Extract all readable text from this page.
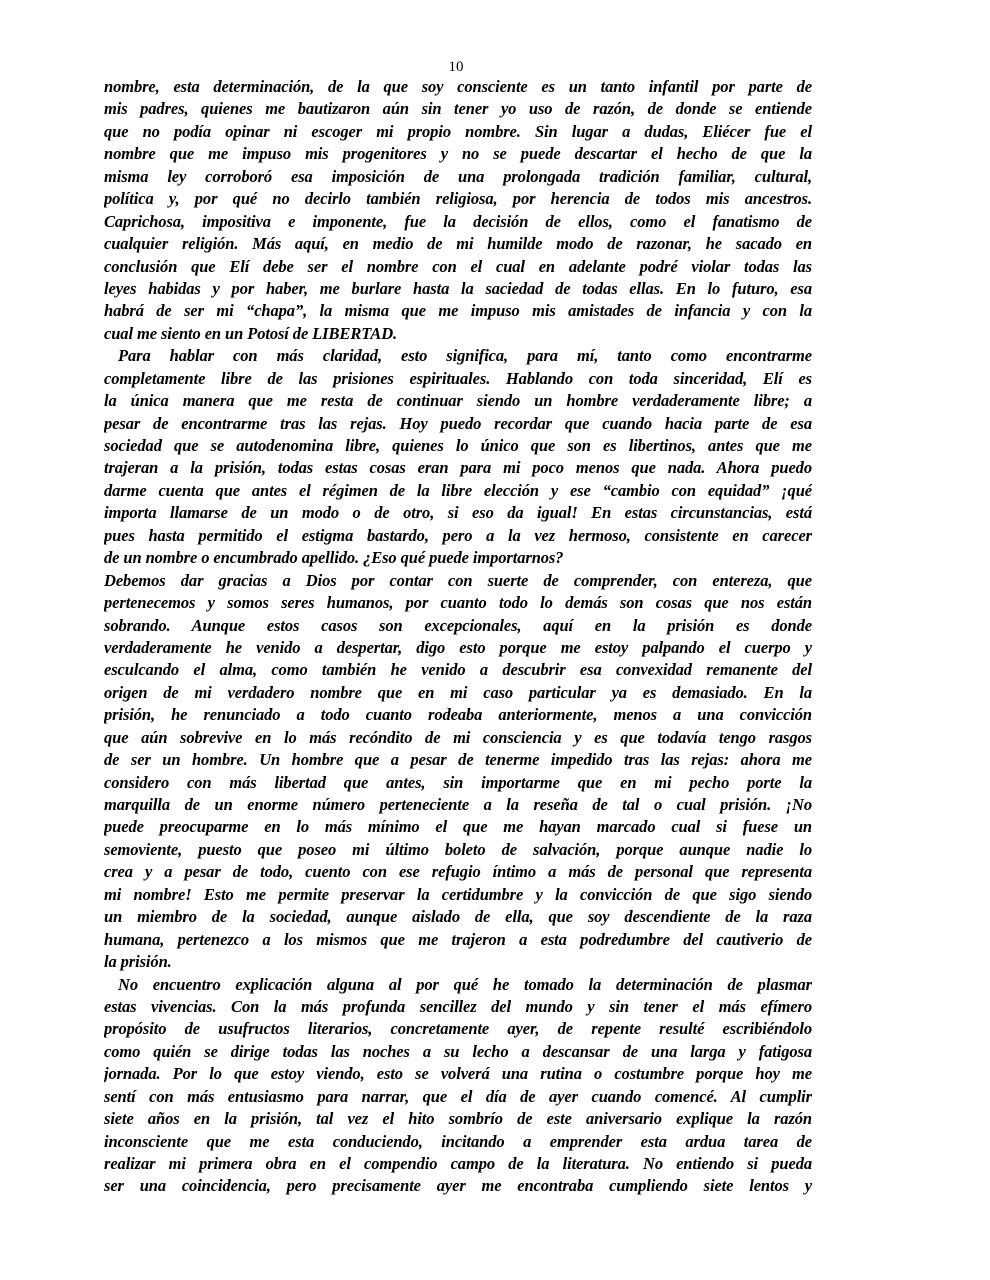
10
nombre, esta determinación, de la que soy consciente es un tanto infantil por parte de
mis padres, quienes me bautizaron aún sin tener yo uso de razón, de donde se entiende
que no podía opinar ni escoger mi propio nombre. Sin lugar a dudas, Eliécer fue el
nombre que me impuso mis progenitores y no se puede descartar el hecho de que la
misma ley corroboró esa imposición de una prolongada tradición familiar, cultural,
política y, por qué no decirlo también religiosa, por herencia de todos mis ancestros.
Caprichosa, impositiva e imponente, fue la decisión de ellos, como el fanatismo de
cualquier religión. Más aquí, en medio de mi humilde modo de razonar, he sacado en
conclusión que Elí debe ser el nombre con el cual en adelante podré violar todas las
leyes habidas y por haber, me burlare hasta la saciedad de todas ellas. En lo futuro, esa
habrá de ser mi “chapa”, la misma que me impuso mis amistades de infancia y con la
cual me siento en un Potosí de LIBERTAD.
Para hablar con más claridad, esto significa, para mí, tanto como encontrarme
completamente libre de las prisiones espirituales. Hablando con toda sinceridad, Elí es
la única manera que me resta de continuar siendo un hombre verdaderamente libre; a
pesar de encontrarme tras las rejas. Hoy puedo recordar que cuando hacia parte de esa
sociedad que se autodenomina libre, quienes lo único que son es libertinos, antes que me
trajeran a la prisión, todas estas cosas eran para mi poco menos que nada. Ahora puedo
darme cuenta que antes el régimen de la libre elección y ese “cambio con equidad” ¡qué
importa llamarse de un modo o de otro, si eso da igual! En estas circunstancias, está
pues hasta permitido el estigma bastardo, pero a la vez hermoso, consistente en carecer
de un nombre o encumbrado apellido. ¿Eso qué puede importarnos?
Debemos dar gracias a Dios por contar con suerte de comprender, con entereza, que
pertenecemos y somos seres humanos, por cuanto todo lo demás son cosas que nos están
sobrando. Aunque estos casos son excepcionales, aquí en la prisión es donde
verdaderamente he venido a despertar, digo esto porque me estoy palpando el cuerpo y
esculcando el alma, como también he venido a descubrir esa convexidad remanente del
origen de mi verdadero nombre que en mi caso particular ya es demasiado. En la
prisión, he renunciado a todo cuanto rodeaba anteriormente, menos a una convicción
que aún sobrevive en lo más recóndito de mi consciencia y es que todavía tengo rasgos
de ser un hombre. Un hombre que a pesar de tenerme impedido tras las rejas: ahora me
considero con más libertad que antes, sin importarme que en mi pecho porte la
marquilla de un enorme número perteneciente a la reseña de tal o cual prisión. ¡No
puede preocuparme en lo más mínimo el que me hayan marcado cual si fuese un
semoviente, puesto que poseo mi último boleto de salvación, porque aunque nadie lo
crea y a pesar de todo, cuento con ese refugio íntimo a más de personal que representa
mi nombre! Esto me permite preservar la certidumbre y la convicción de que sigo siendo
un miembro de la sociedad, aunque aislado de ella, que soy descendiente de la raza
humana, pertenezco a los mismos que me trajeron a esta podredumbre del cautiverio de
la prisión.
No encuentro explicación alguna al por qué he tomado la determinación de plasmar
estas vivencias. Con la más profunda sencillez del mundo y sin tener el más efímero
propósito de usufructos literarios, concretamente ayer, de repente resulté escribiéndolo
como quién se dirige todas las noches a su lecho a descansar de una larga y fatigosa
jornada. Por lo que estoy viendo, esto se volverá una rutina o costumbre porque hoy me
sentí con más entusiasmo para narrar, que el día de ayer cuando comencé. Al cumplir
siete años en la prisión, tal vez el hito sombrío de este aniversario explique la razón
inconsciente que me esta conduciendo, incitando a emprender esta ardua tarea de
realizar mi primera obra en el compendio campo de la literatura. No entiendo si pueda
ser una coincidencia, pero precisamente ayer me encontraba cumpliendo siete lentos y
